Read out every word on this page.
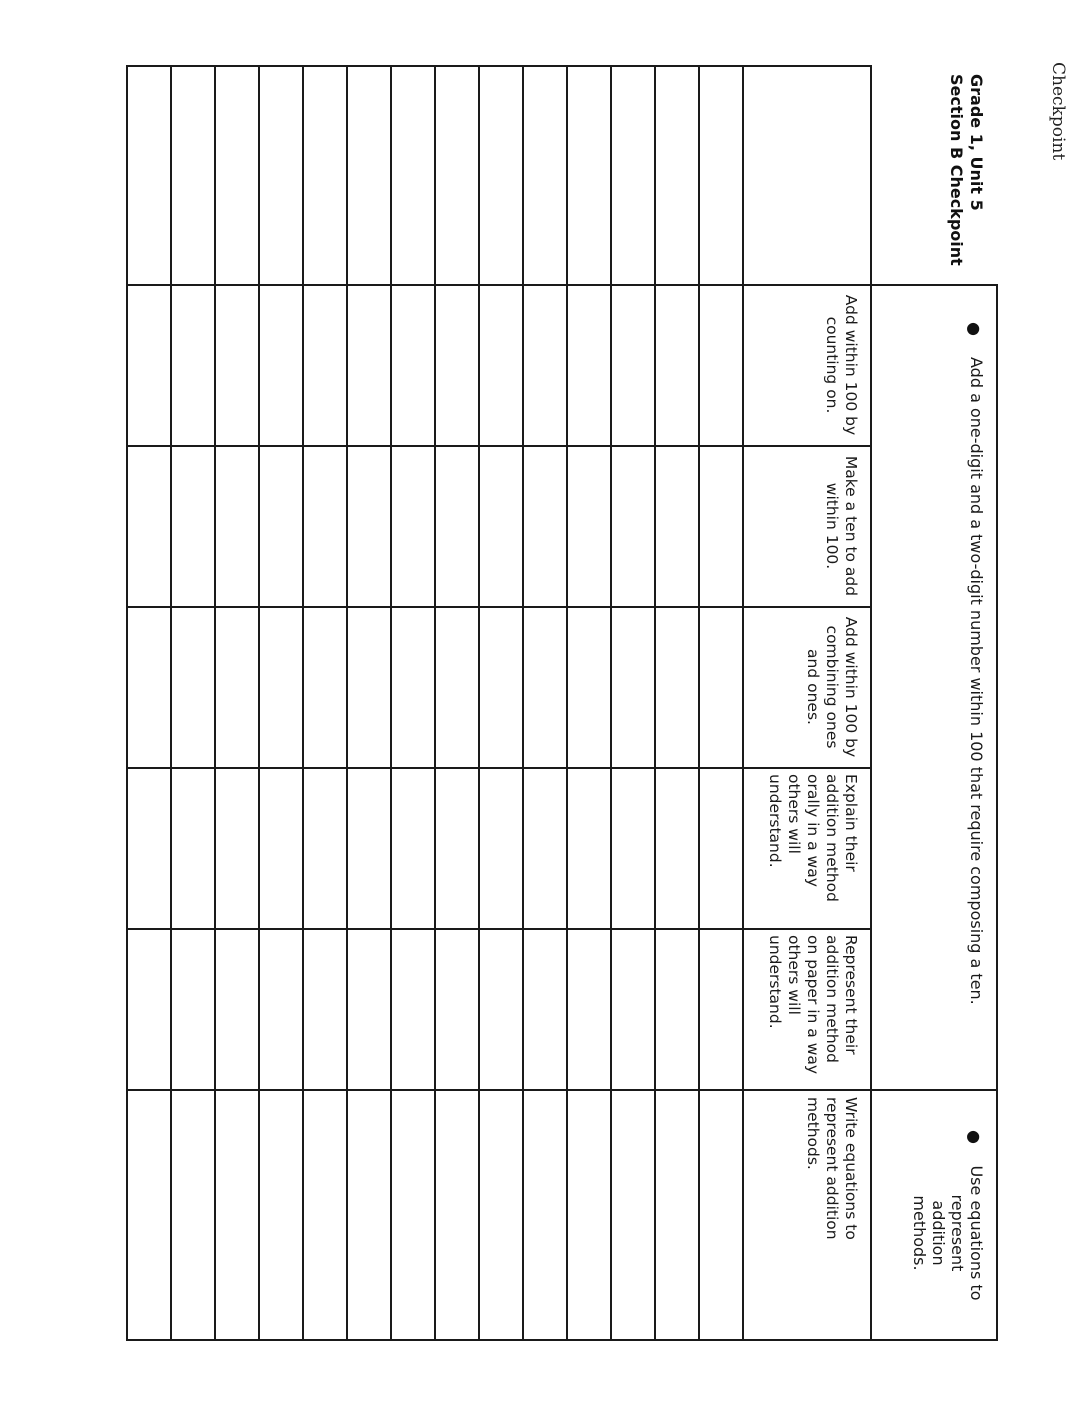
Checkpoint
Grade 1, Unit 5 Section B Checkpoint
●
Add a one-digit and a two-digit number within 100 that require composing a ten.
●
Use equations to represent addition methods.
Add within 100 by counting on.
Make a ten to add within 100.
Add within 100 by combining ones and ones.
Explain their addition method orally in a way others will understand.
Represent their addition method on paper in a way others will understand.
Write equations to represent addition methods.
